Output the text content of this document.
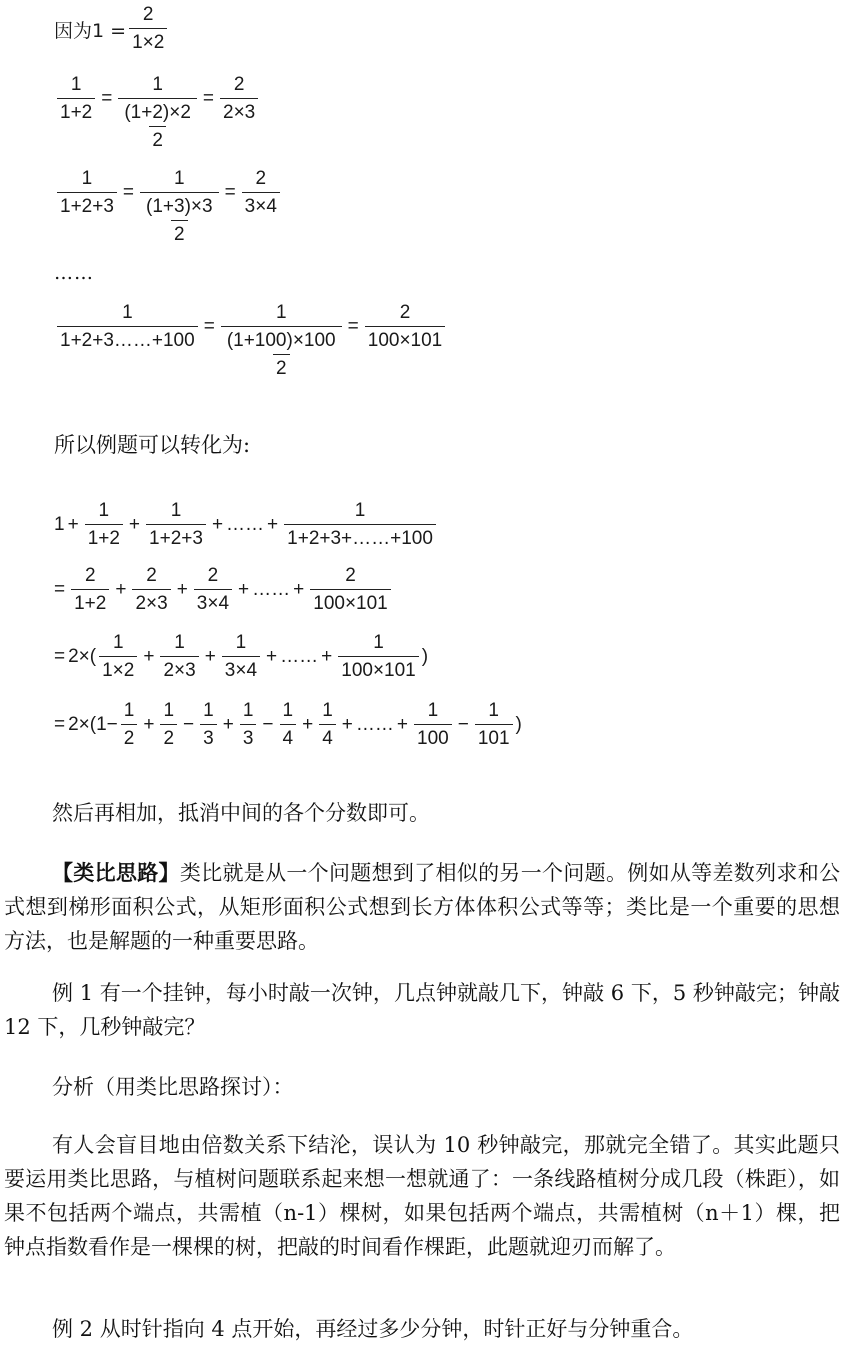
因为$1 = \frac{2}{1\times 2}$
$\frac{1}{1+2} = \frac{1}{\frac{(1+2)\times 2}{2}} = \frac{2}{2\times 3}$
$\frac{1}{1+2+3} = \frac{1}{\frac{(1+3)\times 3}{2}} = \frac{2}{3\times 4}$
……
$\frac{1}{1+2+3\dots\dots+100} = \frac{1}{\frac{(1+100)\times 100}{2}} = \frac{2}{100\times 101}$
所以例题可以转化为:
$1 + \frac{1}{1+2} + \frac{1}{1+2+3}$ + …… + $\frac{1}{1+2+3+\dots\dots+100}$
= $\frac{2}{1+2} + \frac{2}{2\times 3} + \frac{2}{3\times 4}$ + …… + $\frac{2}{100\times 101}$
= 2× ( $\frac{1}{1\times 2} + \frac{1}{2\times 3} + \frac{1}{3\times 4}$ + …… + $\frac{1}{100\times 101}$ )
= $2\times (1- \frac{1}{2} + \frac{1}{2} - \frac{1}{3} + \frac{1}{3} - \frac{1}{4} + \frac{1}{4}$ + …… + $\frac{1}{100} - \frac{1}{101}$ )
然后再相加，抵消中间的各个分数即可。
【类比思路】类比就是从一个问题想到了相似的另一个问题。例如从等差数列求和公式想到梯形面积公式，从矩形面积公式想到长方体体积公式等等；类比是一个重要的思想方法，也是解题的一种重要思路。
例 1 有一个挂钟，每小时敲一次钟，几点钟就敲几下，钟敲 6 下，5 秒钟敲完；钟敲 12 下，几秒钟敲完？
分析（用类比思路探讨）：
有人会盲目地由倍数关系下结沦，误认为 10 秒钟敲完，那就完全错了。其实此题只要运用类比思路，与植树问题联系起来想一想就通了：一条线路植树分成几段（株距），如果不包括两个端点，共需植（n-1）棵树，如果包括两个端点，共需植树（n＋1）棵，把钟点指数看作是一棵棵的树，把敲的时间看作棵距，此题就迎刃而解了。
例 2 从时针指向 4 点开始，再经过多少分钟，时针正好与分钟重合。
